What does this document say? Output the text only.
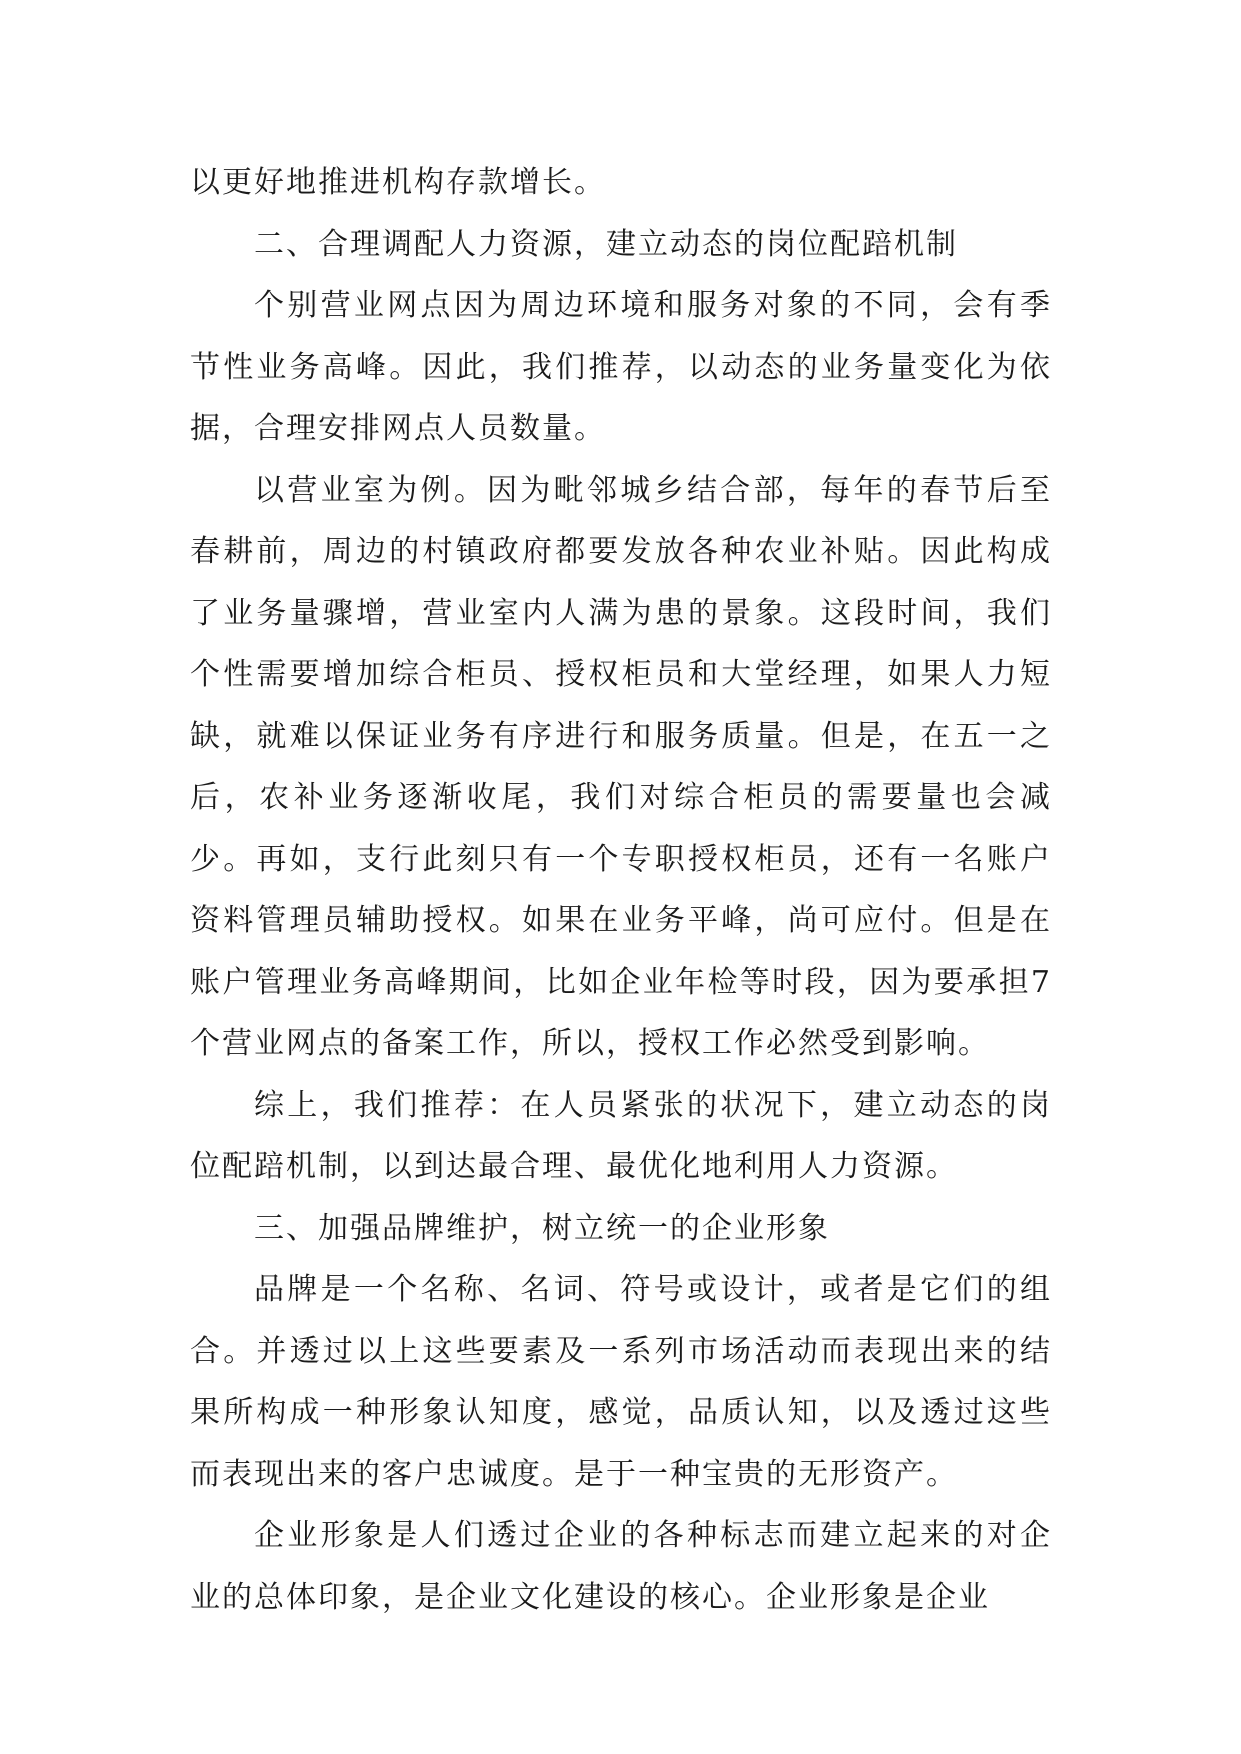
以更好地推进机构存款增长。

二、合理调配人力资源，建立动态的岗位配踣机制

个别营业网点因为周边环境和服务对象的不同，会有季节性业务高峰。因此，我们推荐，以动态的业务量变化为依据，合理安排网点人员数量。

以营业室为例。因为毗邻城乡结合部，每年的春节后至春耕前，周边的村镇政府都要发放各种农业补贴。因此构成了业务量骤增，营业室内人满为患的景象。这段时间，我们个性需要增加综合柜员、授权柜员和大堂经理，如果人力短缺，就难以保证业务有序进行和服务质量。但是，在五一之后，农补业务逐渐收尾，我们对综合柜员的需要量也会减少。再如，支行此刻只有一个专职授权柜员，还有一名账户资料管理员辅助授权。如果在业务平峰，尚可应付。但是在账户管理业务高峰期间，比如企业年检等时段，因为要承担7个营业网点的备案工作，所以，授权工作必然受到影响。

综上，我们推荐：在人员紧张的状况下，建立动态的岗位配踣机制，以到达最合理、最优化地利用人力资源。

三、加强品牌维护，树立统一的企业形象

品牌是一个名称、名词、符号或设计，或者是它们的组合。并透过以上这些要素及一系列市场活动而表现出来的结果所构成一种形象认知度，感觉，品质认知，以及透过这些而表现出来的客户忠诚度。是于一种宝贵的无形资产。

企业形象是人们透过企业的各种标志而建立起来的对企业的总体印象，是企业文化建设的核心。企业形象是企业
